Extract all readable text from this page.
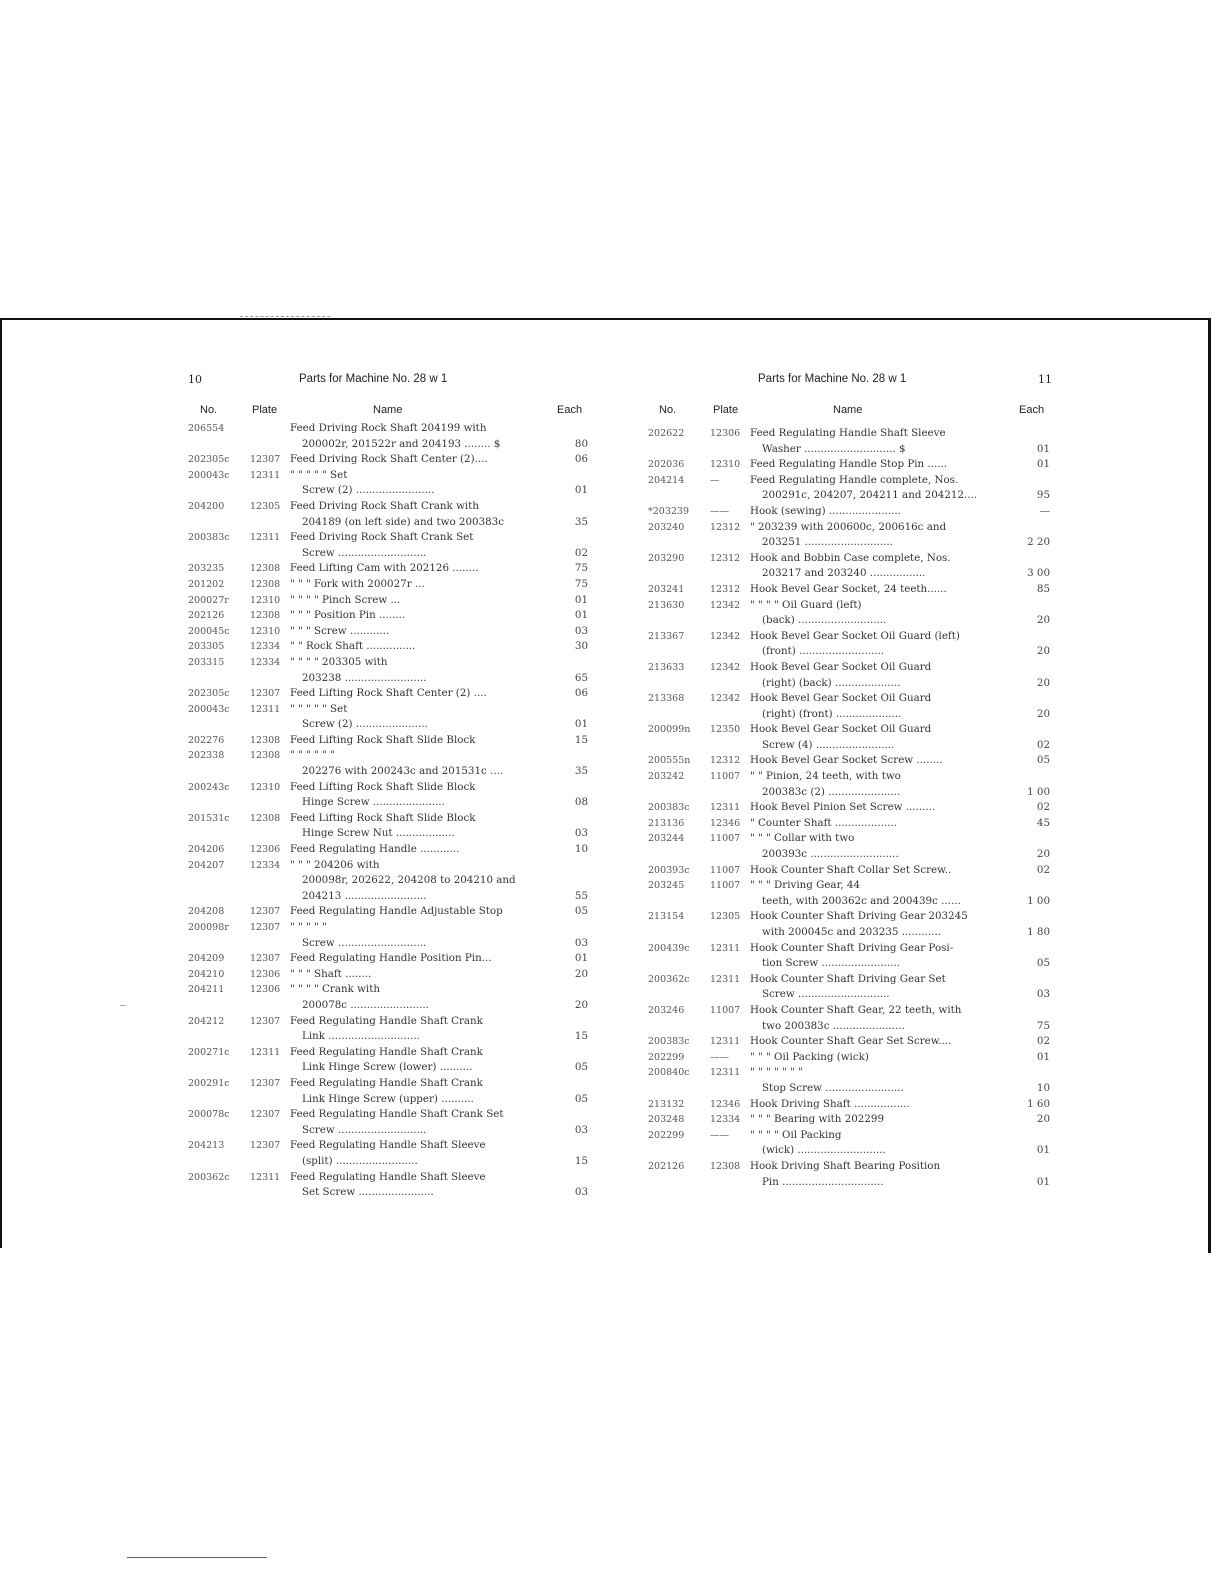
10	Parts for Machine No. 28 w 1
No.	Plate	Name	Each
206554	Feed Driving Rock Shaft 204199 with
200002r, 201522r and 204193 ........ $	80
202305c	12307 Feed Driving Rock Shaft Center (2)....	06
200043c	12311 " " " " " Set
Screw (2) ........................	01
204200	12305 Feed Driving Rock Shaft Crank with
204189 (on left side) and two 200383c	35
200383c	12311 Feed Driving Rock Shaft Crank Set
Screw ...........................	02
203235	12308 Feed Lifting Cam with 202126 ........	75
201202	12308 " " " Fork with 200027r ...	75
200027r	12310 " " " " Pinch Screw ...	01
202126	12308 " " " Position Pin ........	01
200045c	12310 " " " Screw ............	03
203305	12334 " " Rock Shaft ...............	30
203315	12334 " " " " 203305 with
203238 .........................	65
202305c	12307 Feed Lifting Rock Shaft Center (2) ....	06
200043c	12311 " " " " " Set
Screw (2) ......................	01
202276	12308 Feed Lifting Rock Shaft Slide Block	15
202338	12308 " " " " " "
202276 with 200243c and 201531c ....	35
200243c	12310 Feed Lifting Rock Shaft Slide Block
Hinge Screw ......................	08
201531c	12308 Feed Lifting Rock Shaft Slide Block
Hinge Screw Nut ..................	03
204206	12306 Feed Regulating Handle ............	10
204207	12334 " " " 204206 with
200098r, 202622, 204208 to 204210 and
204213 .........................	55
204208	12307 Feed Regulating Handle Adjustable Stop	05
200098r	12307 " " " " "
Screw ...........................	03
204209	12307 Feed Regulating Handle Position Pin...	01
204210	12306 " " " Shaft ........	20
204211	12306 " " " " Crank with
200078c ........................	20
204212	12307 Feed Regulating Handle Shaft Crank
Link ............................	15
200271c	12311 Feed Regulating Handle Shaft Crank
Link Hinge Screw (lower) ..........	05
200291c	12307 Feed Regulating Handle Shaft Crank
Link Hinge Screw (upper) ..........	05
200078c	12307 Feed Regulating Handle Shaft Crank Set
Screw ...........................	03
204213	12307 Feed Regulating Handle Shaft Sleeve
(split) .........................	15
200362c	12311 Feed Regulating Handle Shaft Sleeve
Set Screw .......................	03
Parts for Machine No. 28 w 1	11
No.	Plate	Name	Each
202622	12306 Feed Regulating Handle Shaft Sleeve
Washer ............................ $	01
202036	12310 Feed Regulating Handle Stop Pin ......	01
204214	—	Feed Regulating Handle complete, Nos.
200291c, 204207, 204211 and 204212....	95
*203239	——	Hook (sewing) ......................	—
203240	12312 " 203239 with 200600c, 200616c and
203251 ...........................	2 20
203290	12312 Hook and Bobbin Case complete, Nos.
203217 and 203240 .................	3 00
203241	12312 Hook Bevel Gear Socket, 24 teeth......	85
213630	12342 " " " " Oil Guard (left)
(back) ...........................	20
213367	12342 Hook Bevel Gear Socket Oil Guard (left)
(front) ..........................	20
213633	12342 Hook Bevel Gear Socket Oil Guard
(right) (back) ....................	20
213368	12342 Hook Bevel Gear Socket Oil Guard
(right) (front) ....................	20
200099n	12350 Hook Bevel Gear Socket Oil Guard
Screw (4) ........................	02
200555n	12312 Hook Bevel Gear Socket Screw ........	05
203242	11007 " " Pinion, 24 teeth, with two
200383c (2) ......................	1 00
200383c	12311 Hook Bevel Pinion Set Screw .........	02
213136	12346 " Counter Shaft ...................	45
203244	11007 " " " Collar with two
200393c ...........................	20
200393c	11007 Hook Counter Shaft Collar Set Screw..	02
203245	11007 " " " Driving Gear, 44
teeth, with 200362c and 200439c ......	1 00
213154	12305 Hook Counter Shaft Driving Gear 203245
with 200045c and 203235 ............	1 80
200439c	12311 Hook Counter Shaft Driving Gear Posi-
tion Screw ........................	05
200362c	12311 Hook Counter Shaft Driving Gear Set
Screw ............................	03
203246	11007 Hook Counter Shaft Gear, 22 teeth, with
two 200383c ......................	75
200383c	12311 Hook Counter Shaft Gear Set Screw....	02
202299	——	" " " Oil Packing (wick)	01
200840c	12311 " " " " " " "
Stop Screw ........................	10
213132	12346 Hook Driving Shaft .................	1 60
203248	12334 " " " Bearing with 202299	20
202299	——	" " " " Oil Packing
(wick) ...........................	01
202126	12308 Hook Driving Shaft Bearing Position
Pin ...............................	01
